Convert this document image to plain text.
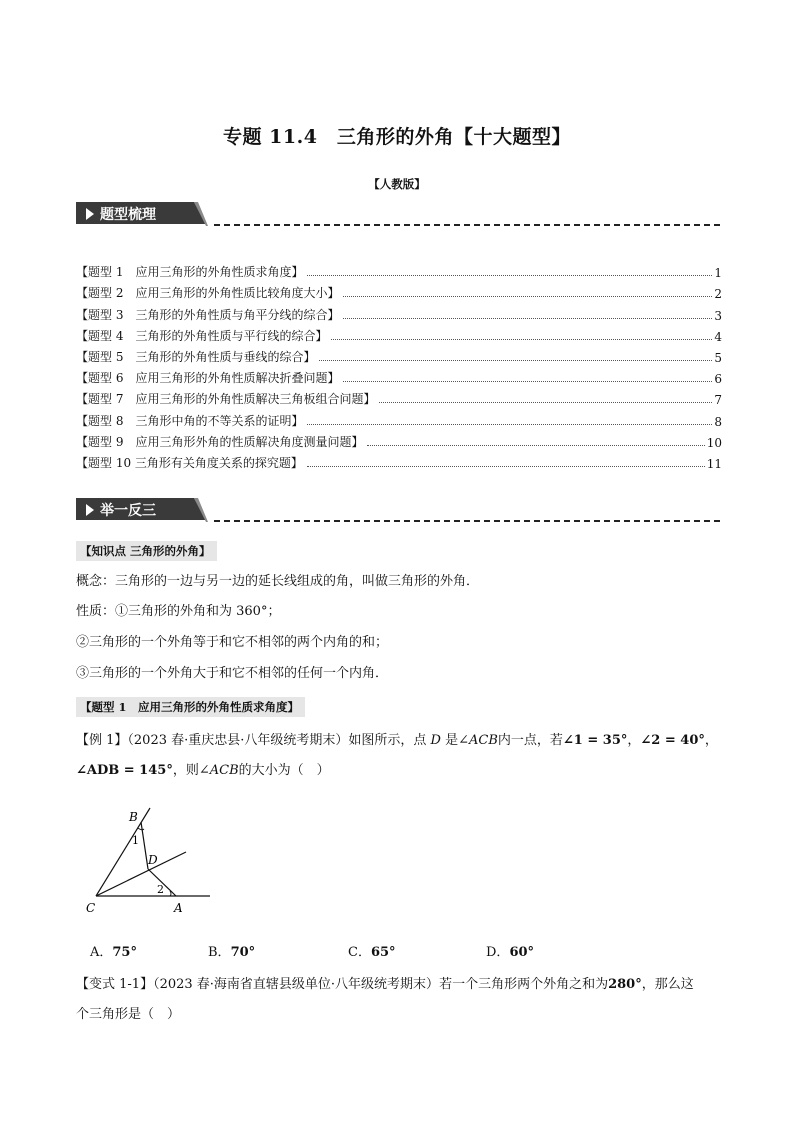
专题 11.4　三角形的外角【十大题型】
【人教版】
题型梳理
【题型 1　应用三角形的外角性质求角度】	1
【题型 2　应用三角形的外角性质比较角度大小】	2
【题型 3　三角形的外角性质与角平分线的综合】	3
【题型 4　三角形的外角性质与平行线的综合】	4
【题型 5　三角形的外角性质与垂线的综合】	5
【题型 6　应用三角形的外角性质解决折叠问题】	6
【题型 7　应用三角形的外角性质解决三角板组合问题】	7
【题型 8　三角形中角的不等关系的证明】	8
【题型 9　应用三角形外角的性质解决角度测量问题】	10
【题型 10 三角形有关角度关系的探究题】	11
举一反三
【知识点 三角形的外角】
概念：三角形的一边与另一边的延长线组成的角，叫做三角形的外角．
性质：①三角形的外角和为 360°；
②三角形的一个外角等于和它不相邻的两个内角的和；
③三角形的一个外角大于和它不相邻的任何一个内角．
【题型 1　应用三角形的外角性质求角度】
【例 1】（2023 春·重庆忠县·八年级统考期末）如图所示，点 D 是∠ACB内一点，若∠1 = 35°，∠2 = 40°，∠ADB = 145°，则∠ACB的大小为（　）
B
1
D
2
C	A
A．75°	B．70°	C．65°	D．60°
【变式 1-1】（2023 春·海南省直辖县级单位·八年级统考期末）若一个三角形两个外角之和为280°，那么这
个三角形是（　）
